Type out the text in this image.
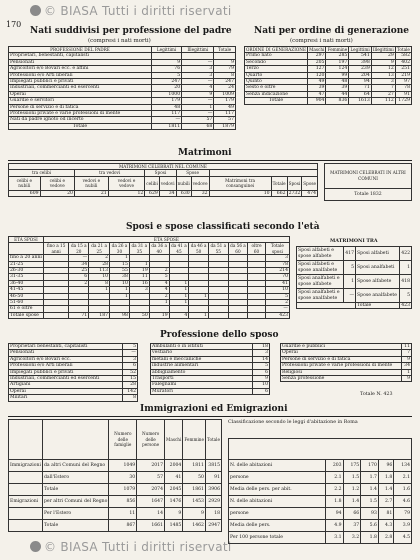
© BIASA Tutti i diritti riservati
170
Nati suddivisi per professione del padre
(compresi i nati morti)
PROFESSIONE DEL PADRE	Legittimi	Illegittimi	Totale
Proprietari, benestanti, capitalisti			
Pensionati	9	—	9
Agricoltori e/o Bovari ecc. e affini	76	3	79
Professioni e/o Arti liberali	5	3	8
Impiegati pubblici e privati	247	—	247
Industriali, commercianti ed esercenti	20	4	24
Operai	1000	9	1009
Guardie e servitori	179	—	179
Persone di servizio e di fatica	48	1	49
Professioni private e varie professioni di mente	117	—	117
Nati da padre ignoto od incerto	—	57	57
Totale	1811	68	1879
Nati per ordine di generazione
(compresi i nati morti)
ORDINE DI GENERAZIONE	Maschi	Femmine	Legittimi	Illegittimi	Totale
Primo nato	297	285	541	29	582
Secondo	205	197	398	9	402
Terzo	127	124	239	12	251
Quarto	120	99	204	13	219
Quinto	49	48	94	3	97
Sesto e oltre	39	39	71	7	78
Senza indicazione	47	44	64	27	91
Totale	904	836	1613	112	1729
Matrimoni
MATRIMONI CELEBRATI NEL COMUNE											
tra celibi		tra vedovi		Sposi		Spose					
celibi e nubili	celibi e vedove	vedovi e nubili	vedovi e vedove	celibi	vedovi	nubili	vedove	Matrimoni tra consanguinei	Totale	Sposi	Spose
609	20	21	12	629	34	630	32	10	662	2732	474
MATRIMONI CELEBRATI IN ALTRI COMUNI
Totale 1832
Sposi e spose classificati secondo l'età
ETÀ SPOSI	ETÀ SPOSE											
	fino a 15 anni	da 15 a 20	da 21 a 25	da 26 a 30	da 31 a 35	da 36 a 40	da 41 a 45	da 46 a 50	da 51 a 55	da 56 a 60	oltre 60	Totale sposi
fino a 20 anni		—	2	1								3
21-25		34	28	15	1							78
26-30		25	113	55	19	2						214
31-35		6	10	38	11	5						70
36-40		2	8	10	16	4	1					41
41-45			1	1	3	4	1					10
46-50				1		2	1	1				5
51-60						1	1					2
61 e oltre												—
Totale spose		71	187	98	50	19	4	1				423
MATRIMONI TRA
Sposi alfabeti e spose alfabete	417	Sposi alfabeti	422
Sposi alfabeti e spose analfabete	5	Sposi analfabeti	1
Sposi analfabeti e spose alfabete	1	Spose alfabete	418
Sposi analfabeti e spose analfabete	—	Spose analfabete	5
		Totale	423
Professione dello sposo
Proprietari benestanti, capitalisti	5
Pensionati	—
Agricoltori e/o Bovari ecc.	3
Professioni e/o Arti liberali	6
Impiegati pubblici e privati	52
Industriali, commercianti ed esercenti	15
Artigiani	28
Operai	142
Militari	8
Ambulanti o in istituti	18
vestiario	3
metalli e meccaniche	14
industrie alimentari	5
abbigliamento	6
Trasporti	9
Falegnami	10
Muratori	6
Guardie e pubblici	11
Operai	7
Persone di servizio e di fatica	9
Professioni private e varie professioni di mente	34
Religiosi	1
Senza professione	9
Totale N. 423
Immigrazioni ed Emigrazioni
		Numero delle famiglie	Numero delle persone	Maschi	Femmine	Totale
Immigrazioni	da altri Comuni del Regno	1049	2017	2004	1811	3815
	dall'Estero	30	57	41	50	91
	Totale	1079	2074	2045	1861	3906
Emigrazioni	per altri Comuni del Regno	856	1647	1476	1453	2929
	Per l'Estero	11	14	9	9	18
	Totale	867	1661	1485	1462	2947
Classificazione secondo le leggi d'abitazione in Roma

N. delle abitazioni	203	175	170	96	134
persone	2.1	1.5	1.7	1.8	2.1
Media delle pers. per abit.	2.2	1.2	1.4	1.4	1.6
N. delle abitazioni	1.8	1.4	1.5	2.7	4.6
persone	94	66	93	81	79
Media delle pers.	4.9	37	5.6	4.3	3.9
Per 100 persone totale	3.1	3.2	1.8	2.8	4.5
© BIASA Tutti i diritti riservati
